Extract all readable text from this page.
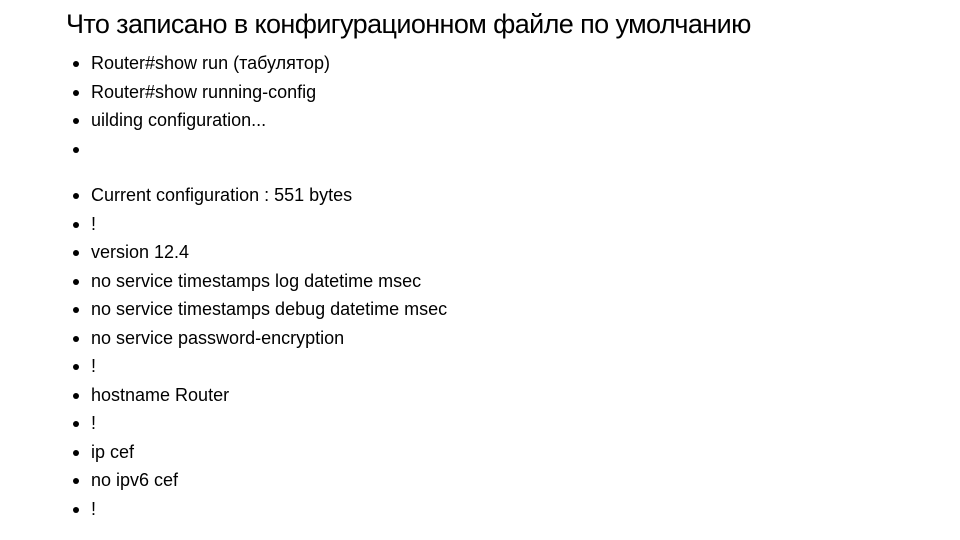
Что записано в конфигурационном файле по умолчанию
Router#show run (табулятор)
Router#show running-config
uilding configuration...
Current configuration : 551 bytes
!
version 12.4
no service timestamps log datetime msec
no service timestamps debug datetime msec
no service password-encryption
!
hostname Router
!
ip cef
no ipv6 cef
!
